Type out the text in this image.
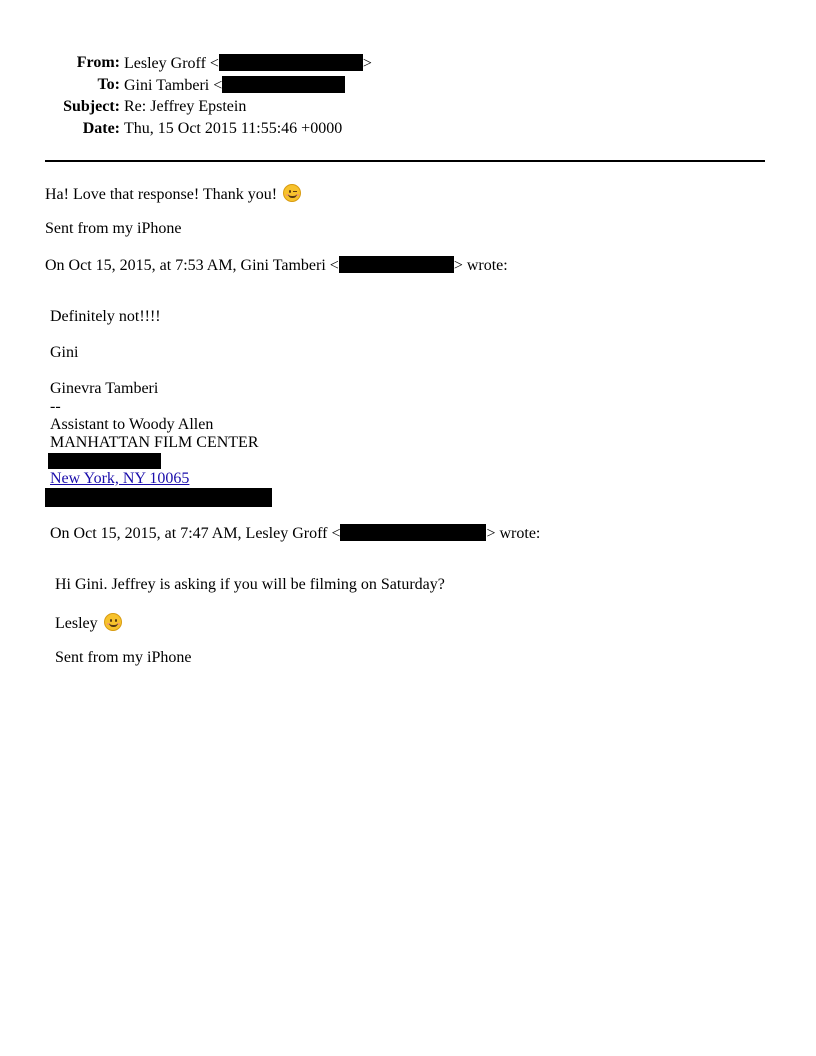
From: Lesley Groff <	>
To: Gini Tamberi <
Subject: Re: Jeffrey Epstein
Date: Thu, 15 Oct 2015 11:55:46 +0000
Ha! Love that response! Thank you!
Sent from my iPhone
On Oct 15, 2015, at 7:53 AM, Gini Tamberi <	> wrote:
Definitely not!!!!
Gini
Ginevra Tamberi
--
Assistant to Woody Allen
MANHATTAN FILM CENTER
New York, NY 10065
On Oct 15, 2015, at 7:47 AM, Lesley Groff <	> wrote:
Hi Gini. Jeffrey is asking if you will be filming on Saturday?
Lesley
Sent from my iPhone
